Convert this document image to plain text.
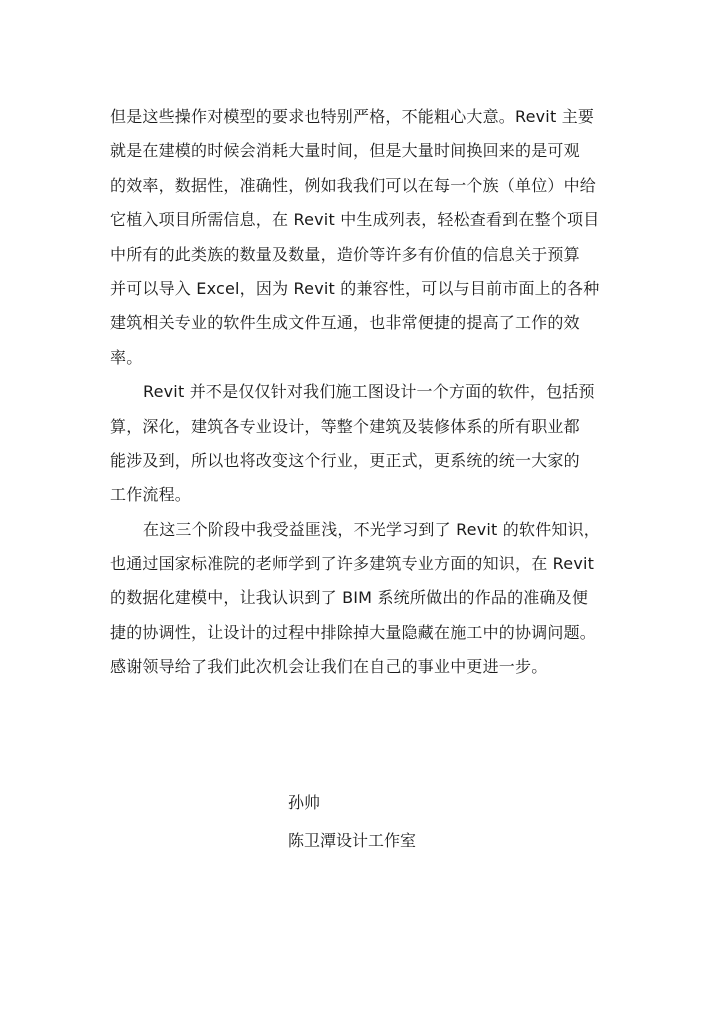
但是这些操作对模型的要求也特别严格，不能粗心大意。Revit 主要
就是在建模的时候会消耗大量时间，但是大量时间换回来的是可观
的效率，数据性，准确性，例如我我们可以在每一个族（单位）中给
它植入项目所需信息，在 Revit 中生成列表，轻松查看到在整个项目
中所有的此类族的数量及数量，造价等许多有价值的信息关于预算
并可以导入 Excel，因为 Revit 的兼容性，可以与目前市面上的各种
建筑相关专业的软件生成文件互通，也非常便捷的提高了工作的效
率。
Revit 并不是仅仅针对我们施工图设计一个方面的软件，包括预
算，深化，建筑各专业设计，等整个建筑及装修体系的所有职业都
能涉及到，所以也将改变这个行业，更正式，更系统的统一大家的
工作流程。
在这三个阶段中我受益匪浅，不光学习到了 Revit 的软件知识，
也通过国家标准院的老师学到了许多建筑专业方面的知识，在 Revit
的数据化建模中，让我认识到了 BIM 系统所做出的作品的准确及便
捷的协调性，让设计的过程中排除掉大量隐藏在施工中的协调问题。
感谢领导给了我们此次机会让我们在自己的事业中更进一步。
孙帅
陈卫潭设计工作室
